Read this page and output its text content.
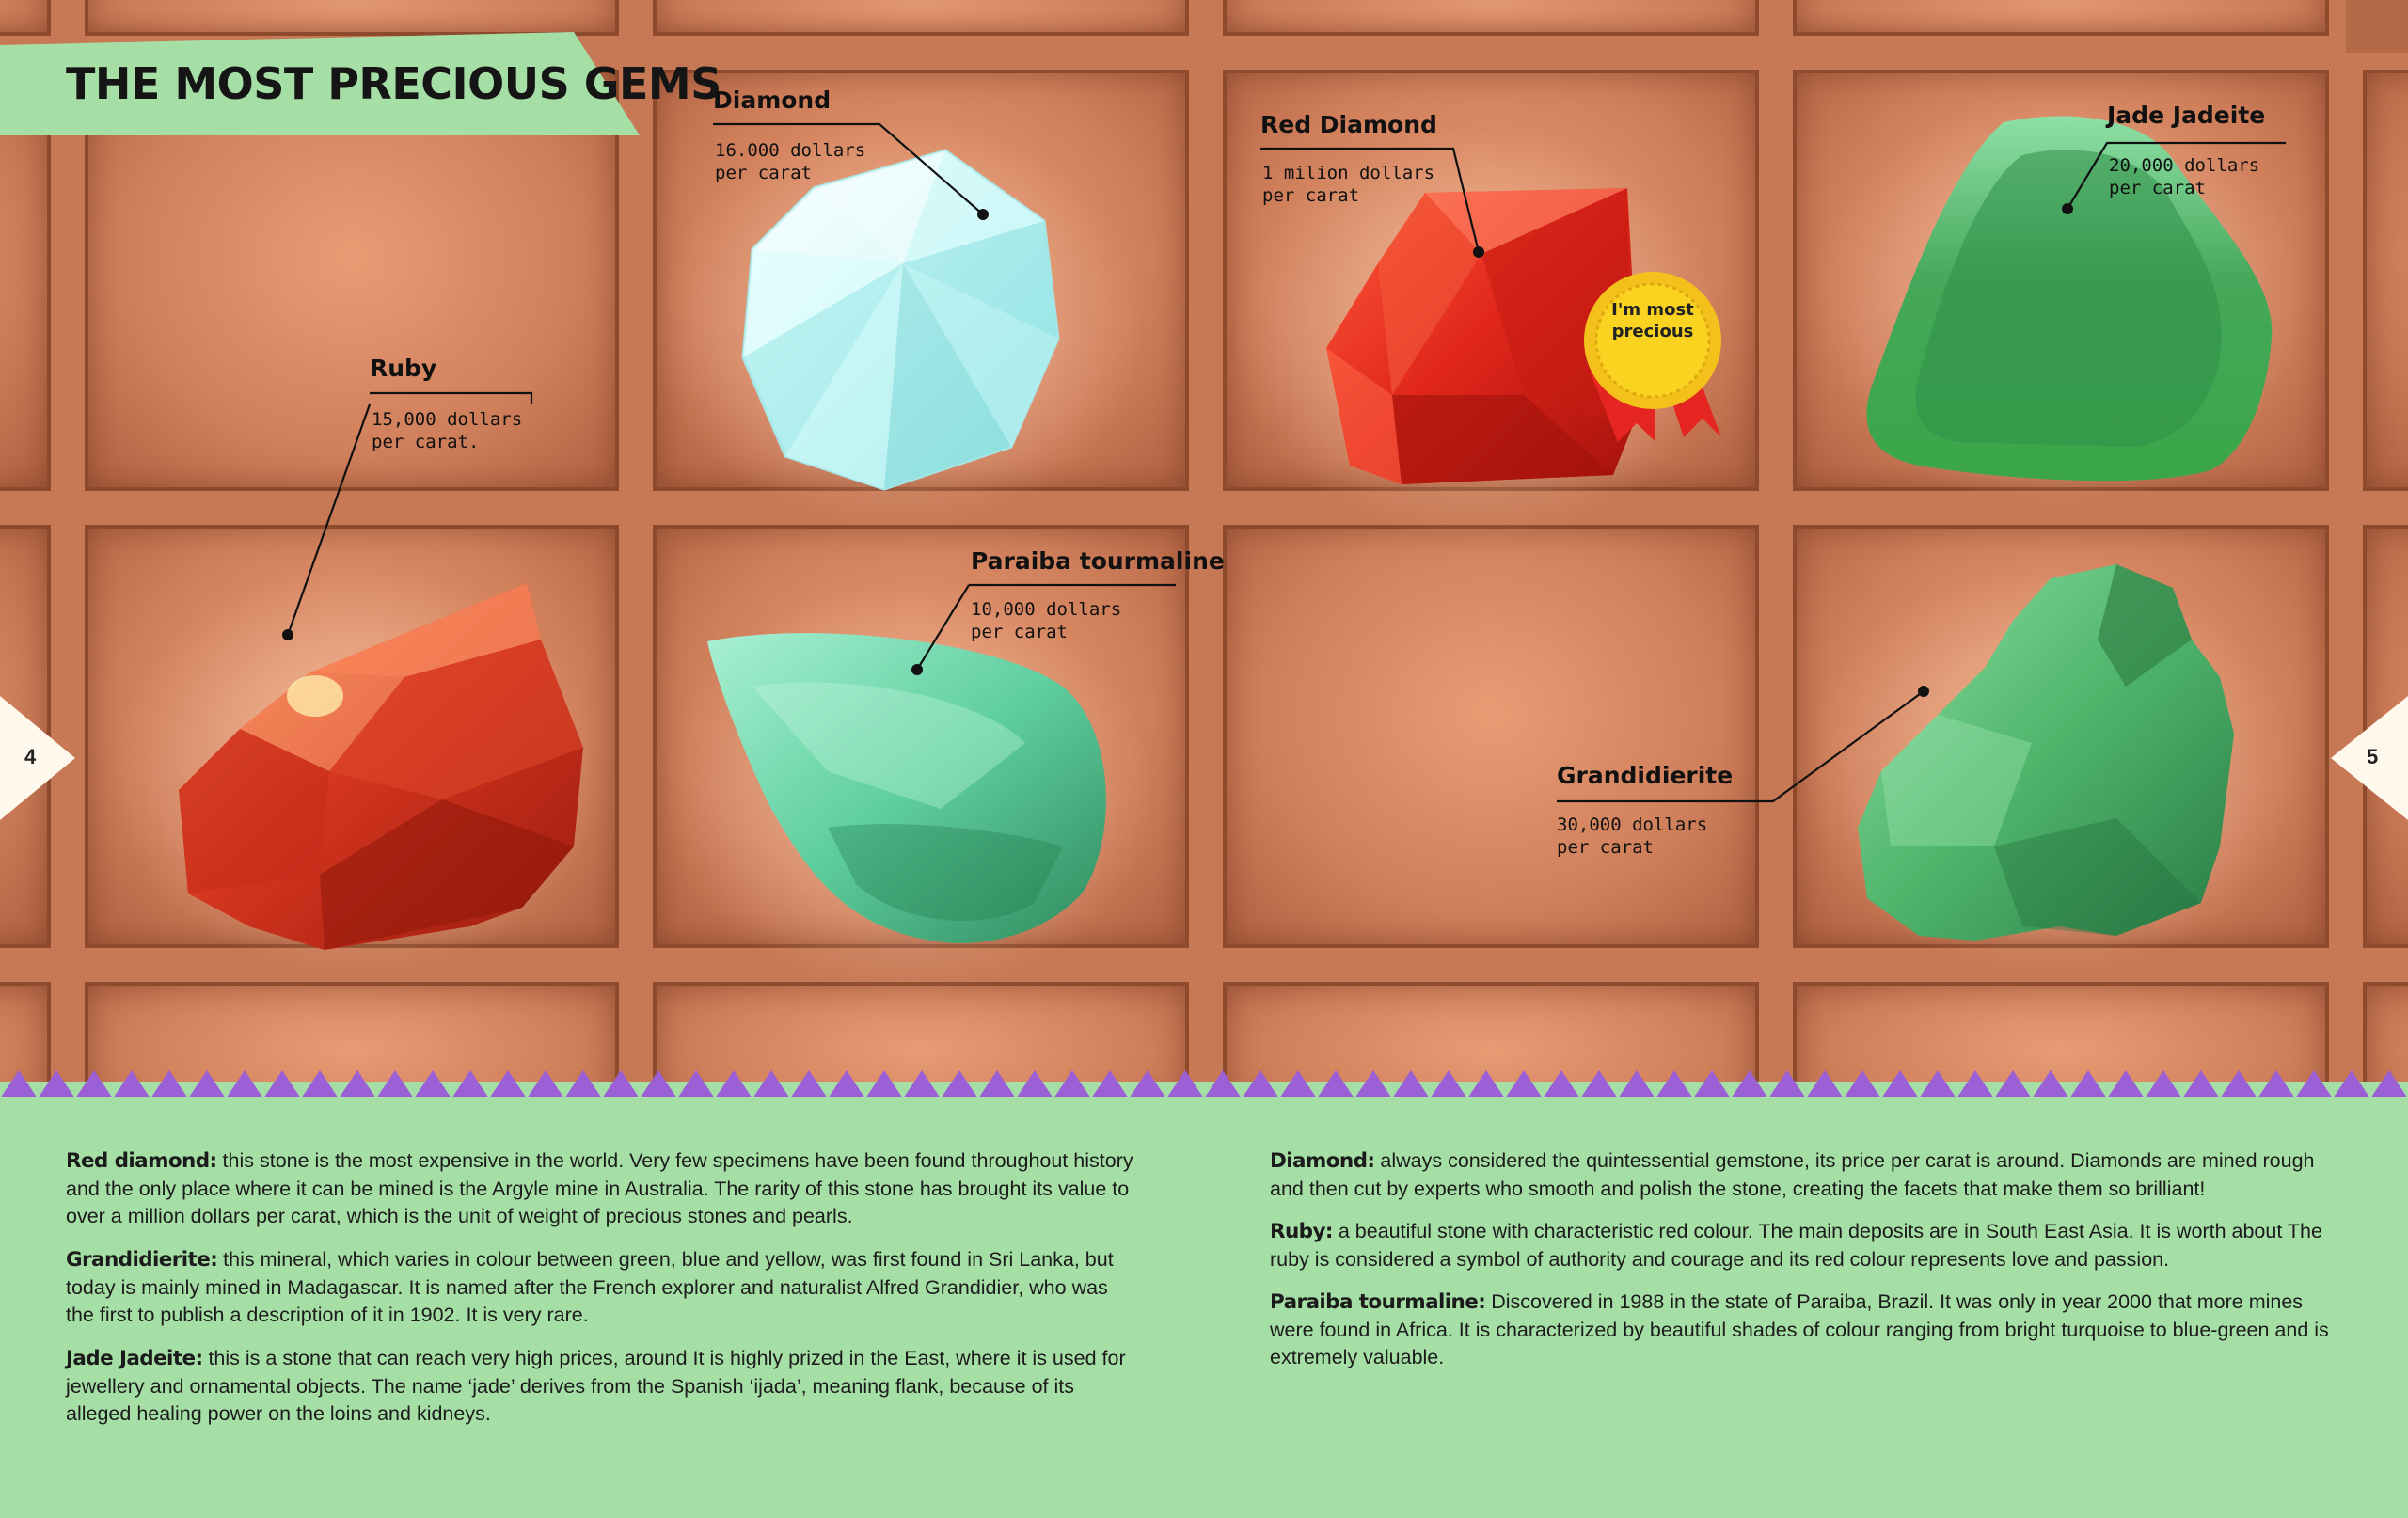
THE MOST PRECIOUS GEMS
Diamond
16.000 dollars per carat
Red Diamond
1 milion dollars per carat
Jade Jadeite
20,000 dollars per carat
Ruby
15,000 dollars per carat.
Paraiba tourmaline
10,000 dollars per carat
Grandidierite
30,000 dollars per carat
I'm most precious
4	5
Red diamond: this stone is the most expensive in the world. Very few specimens have been found throughout history and the only place where it can be mined is the Argyle mine in Australia. The rarity of this stone has brought its value to over a million dollars per carat, which is the unit of weight of precious stones and pearls.
Grandidierite: this mineral, which varies in colour between green, blue and yellow, was first found in Sri Lanka, but today is mainly mined in Madagascar. It is named after the French explorer and naturalist Alfred Grandidier, who was the first to publish a description of it in 1902. It is very rare.
Jade Jadeite: this is a stone that can reach very high prices, around It is highly prized in the East, where it is used for jewellery and ornamental objects. The name ‘jade’ derives from the Spanish ‘ijada’, meaning flank, because of its alleged healing power on the loins and kidneys.
Diamond: always considered the quintessential gemstone, its price per carat is around. Diamonds are mined rough and then cut by experts who smooth and polish the stone, creating the facets that make them so brilliant!
Ruby: a beautiful stone with characteristic red colour. The main deposits are in South East Asia. It is worth about The ruby is considered a symbol of authority and courage and its red colour represents love and passion.
Paraiba tourmaline: Discovered in 1988 in the state of Paraiba, Brazil. It was only in year 2000 that more mines were found in Africa. It is characterized by beautiful shades of colour ranging from bright turquoise to blue-green and is extremely valuable.
